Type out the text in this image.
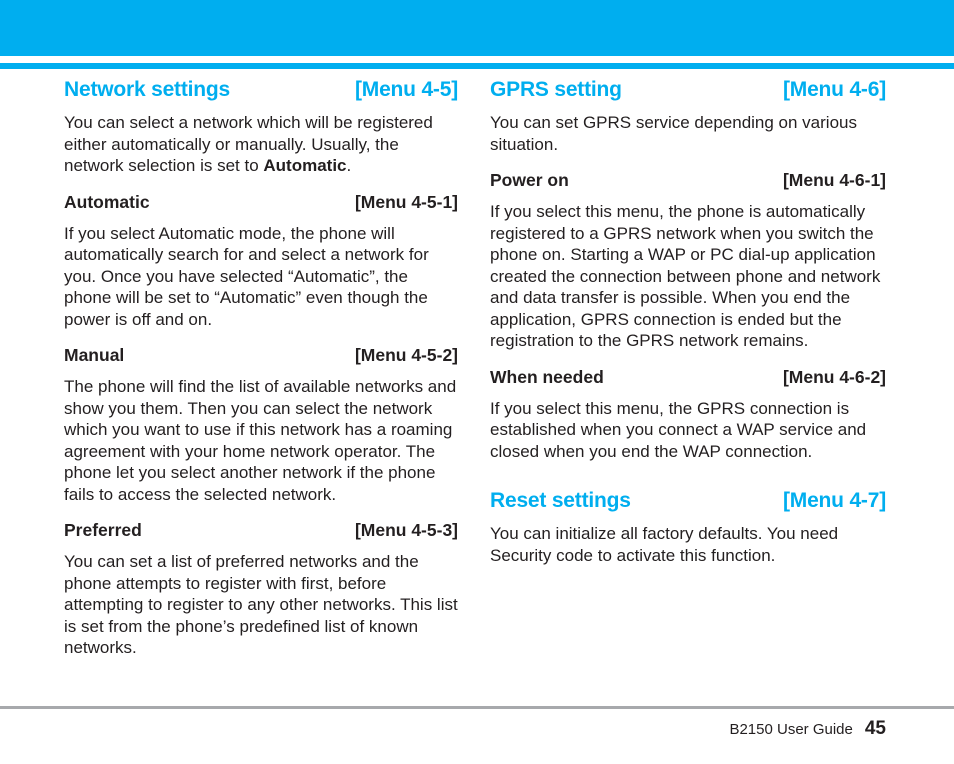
Network settings	[Menu 4-5]

You can select a network which will be registered either automatically or manually. Usually, the network selection is set to Automatic.

Automatic	[Menu 4-5-1]

If you select Automatic mode, the phone will automatically search for and select a network for you. Once you have selected “Automatic”, the phone will be set to “Automatic” even though the power is off and on.

Manual	[Menu 4-5-2]

The phone will find the list of available networks and show you them. Then you can select the network which you want to use if this network has a roaming agreement with your home network operator. The phone let you select another network if the phone fails to access the selected network.

Preferred	[Menu 4-5-3]

You can set a list of preferred networks and the phone attempts to register with first, before attempting to register to any other networks. This list is set from the phone’s predefined list of known networks.

GPRS setting	[Menu 4-6]

You can set GPRS service depending on various situation.

Power on	[Menu 4-6-1]

If you select this menu, the phone is automatically registered to a GPRS network when you switch the phone on. Starting a WAP or PC dial-up application created the connection between phone and network and data transfer is possible. When you end the application, GPRS connection is ended but the registration to the GPRS network remains.

When needed	[Menu 4-6-2]

If you select this menu, the GPRS connection is established when you connect a WAP service and closed when you end the WAP connection.

Reset settings	[Menu 4-7]

You can initialize all factory defaults. You need Security code to activate this function.

B2150 User Guide 45
